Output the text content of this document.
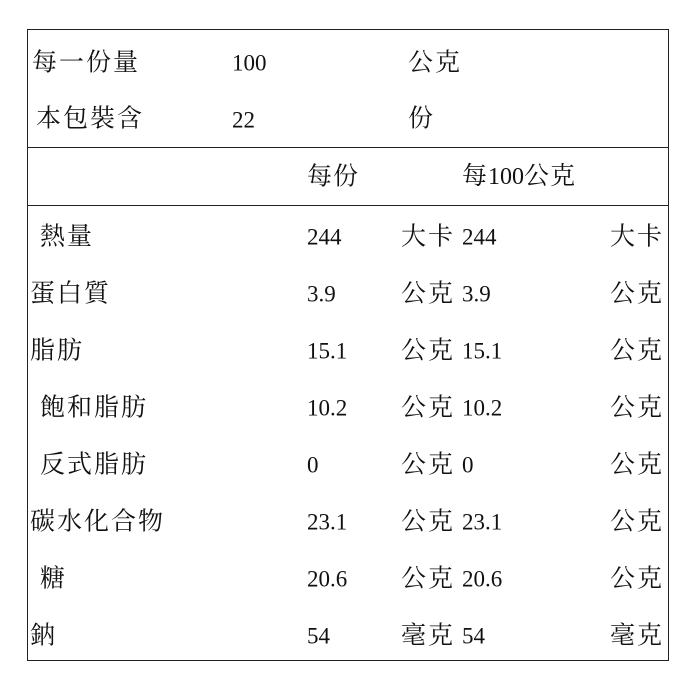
每一份量	100	公克
本包裝含	22	份
每份	每100公克
熱量	244 大卡 244	大卡
蛋白質	3.9	公克 3.9	公克
脂肪	15.1 公克 15.1	公克
飽和脂肪	10.2 公克 10.2	公克
反式脂肪	0	公克 0	公克
碳水化合物	23.1 公克 23.1	公克
糖	20.6 公克 20.6	公克
鈉	54	毫克 54	毫克
